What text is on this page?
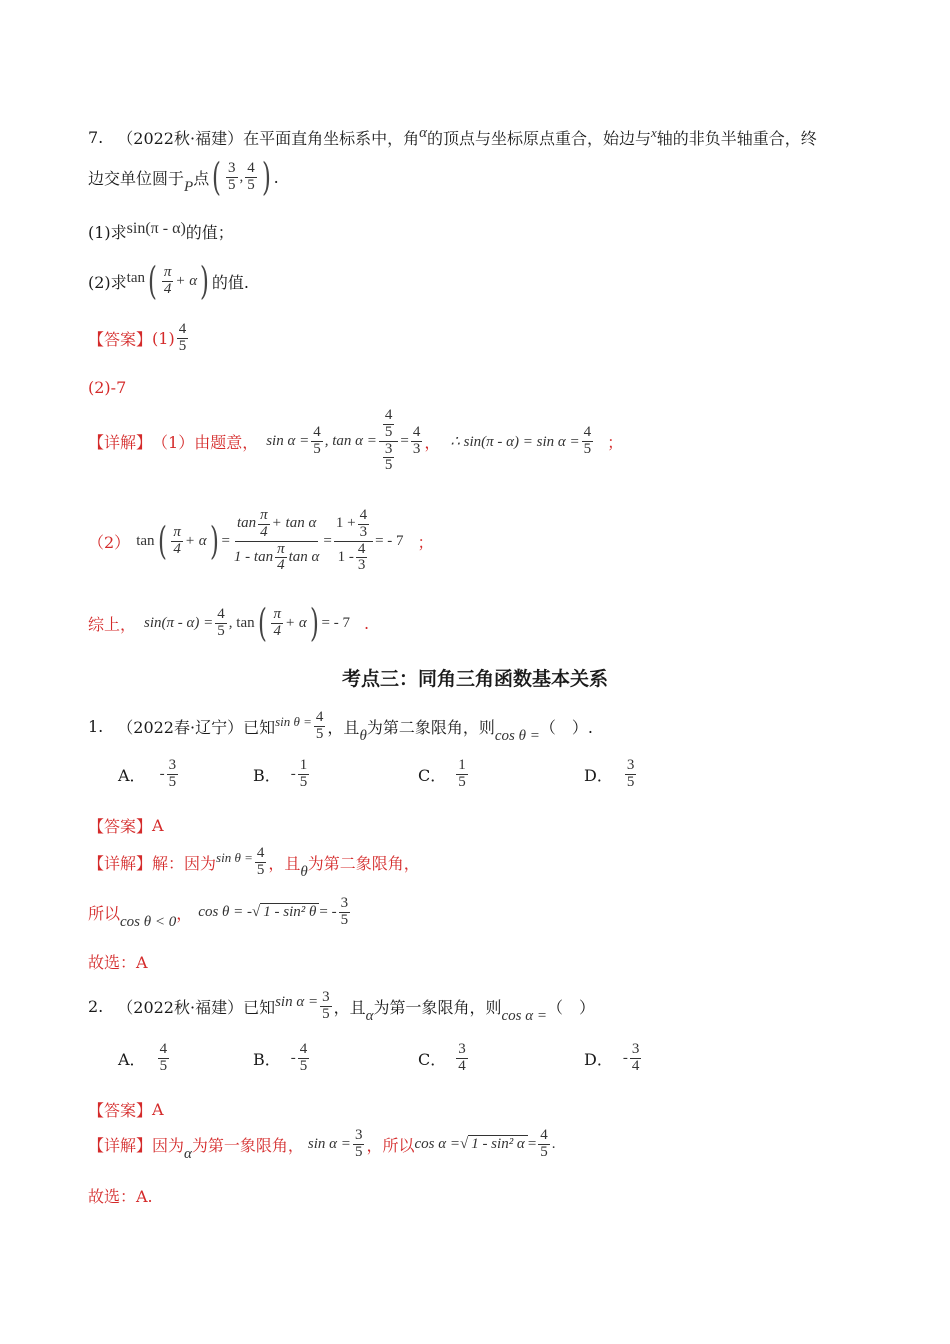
7. （2022秋·福建） 在平面直角坐标系中，角 α 的顶点与坐标原点重合，始边与 x 轴的非负半轴重合，终
边交单位圆于 P 点 ( $\frac{3}{5}$ , $\frac{4}{5}$ ) .
(1)求 sin(π - α) 的值；
(2)求 tan ( $\frac{\pi}{4} + \alpha$ ) 的值.
【答案】 $(1) \frac{4}{5}$
(2)-7
【详解】 （1）由题意， $\sin \alpha = \frac{4}{5}$ , $\tan \alpha = \frac{\frac{4}{5}}{\frac{3}{5}} = \frac{4}{3}$ ， ∴ $\sin(\pi - \alpha) = \sin \alpha = \frac{4}{5}$ ；
（2） tan ( $\frac{\pi}{4} + \alpha$ ) = $\frac{\tan \frac{\pi}{4} + \tan \alpha}{1 - \tan \frac{\pi}{4} \tan \alpha} = \frac{1 + \frac{4}{3}}{1 - \frac{4}{3}}$ = - 7 ；
综上， $\sin(\pi - \alpha) = \frac{4}{5}$ , tan ( $\frac{\pi}{4} + \alpha$ ) = - 7 .
考点三：同角三角函数基本关系
1. （2022春·辽宁）已知 $\sin \theta = \frac{4}{5}$ ，且 θ 为第二象限角，则 cos θ = （　）.
A． - $\frac{3}{5}$	B． - $\frac{1}{5}$	C． $\frac{1}{5}$	D． $\frac{3}{5}$
【答案】 A
【详解】 解：因为 $\sin \theta = \frac{4}{5}$ ，且 θ 为第二象限角，
所以 cos θ < 0 ， cos θ = - √ 1 - sin² θ = - $\frac{3}{5}$
故选：A
2. （2022秋·福建）已知 $\sin \alpha = \frac{3}{5}$ ，且 α 为第一象限角，则 cos α = （　）
A． $\frac{4}{5}$	B． - $\frac{4}{5}$	C． $\frac{3}{4}$	D． - $\frac{3}{4}$
【答案】 A
【详解】 因为 α 为第一象限角， $\sin \alpha = \frac{3}{5}$ ，所以 cos α = √ 1 - sin² $\alpha = \frac{4}{5}$ .
故选：A.
